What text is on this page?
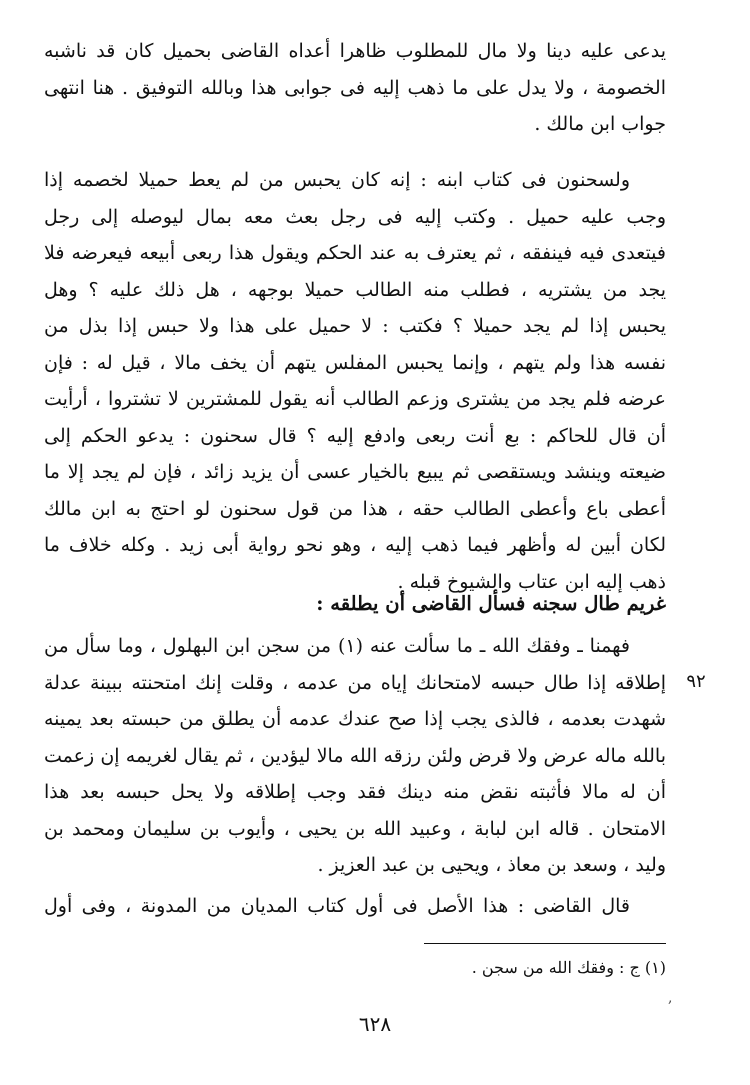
يدعى عليه دينا ولا مال للمطلوب ظاهرا أعداه القاضى بحميل كان قد ناشبه
الخصومة ، ولا يدل على ما ذهب إليه فى جوابى هذا وبالله التوفيق . هنا انتهى
جواب ابن مالك .
ولسحنون فى كتاب ابنه : إنه كان يحبس من لم يعط حميلا لخصمه إذا
وجب عليه حميل . وكتب إليه فى رجل بعث معه بمال ليوصله إلى رجل
فيتعدى فيه فينفقه ، ثم يعترف به عند الحكم ويقول هذا ربعى أبيعه فيعرضه فلا
يجد من يشتريه ، فطلب منه الطالب حميلا بوجهه ، هل ذلك عليه ؟ وهل
يحبس إذا لم يجد حميلا ؟ فكتب : لا حميل على هذا ولا حبس إذا بذل من
نفسه هذا ولم يتهم ، وإنما يحبس المفلس يتهم أن يخف مالا ، قيل له : فإن
عرضه فلم يجد من يشترى وزعم الطالب أنه يقول للمشترين لا تشتروا ، أرأيت
أن قال للحاكم : بع أنت ربعى وادفع إليه ؟ قال سحنون : يدعو الحكم إلى
ضيعته وينشد ويستقصى ثم يبيع بالخيار عسى أن يزيد زائد ، فإن لم يجد إلا ما
أعطى باع وأعطى الطالب حقه ، هذا من قول سحنون لو احتج به ابن مالك
لكان أبين له وأظهر فيما ذهب إليه ، وهو نحو رواية أبى زيد . وكله خلاف ما
ذهب إليه ابن عتاب والشيوخ قبله .
غريم طال سجنه فسأل القاضى أن يطلقه :
فهمنا ـ وفقك الله ـ ما سألت عنه (١) من سجن ابن البهلول ، وما سأل من
إطلاقه إذا طال حبسه لامتحانك إياه من عدمه ، وقلت إنك امتحنته ببينة عدلة
شهدت بعدمه ، فالذى يجب إذا صح عندك عدمه أن يطلق من حبسته بعد يمينه
بالله ماله عرض ولا قرض ولئن رزقه الله مالا ليؤدين ، ثم يقال لغريمه إن زعمت
أن له مالا فأثبته نقض منه دينك فقد وجب إطلاقه ولا يحل حبسه بعد هذا
الامتحان . قاله ابن لبابة ، وعبيد الله بن يحيى ، وأيوب بن سليمان ومحمد بن
وليد ، وسعد بن معاذ ، ويحيى بن عبد العزيز .
٩٢
قال القاضى : هذا الأصل فى أول كتاب المديان من المدونة ، وفى أول
(١) ج : وفقك الله من سجن .
,
٦٢٨
